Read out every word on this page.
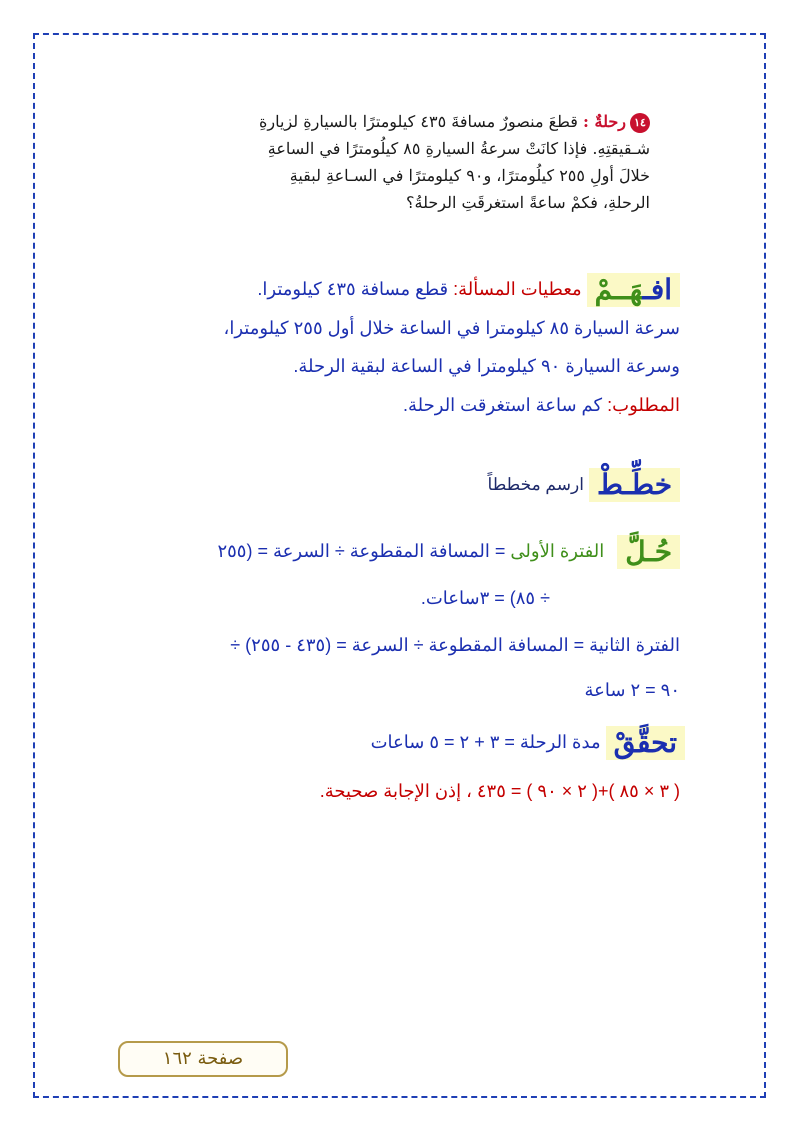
١٤رحلةٌ : قطعَ منصورٌ مسافةَ ٤٣٥ كيلومترًا بالسيارةِ لزيارةِ
شـقيقتِهِ. فإذا كانَتْ سرعةُ السيارةِ ٨٥ كيلُومترًا في الساعةِ
خلالَ أولِ ٢٥٥ كيلُومترًا، و٩٠ كيلومترًا في السـاعةِ لبقيةِ
الرحلةِ، فكمْ ساعةً استغرقَتِ الرحلةُ؟
افـهَــمْ معطيات المسألة: قطع مسافة ٤٣٥ كيلومترا.
سرعة السيارة ٨٥ كيلومترا في الساعة خلال أول ٢٥٥ كيلومترا،
وسرعة السيارة ٩٠ كيلومترا في الساعة لبقية الرحلة.
المطلوب: كم ساعة استغرقت الرحلة.
خطِّـطْ ارسم مخططاً
حُـلَّ الفترة الأولى = المسافة المقطوعة ÷ السرعة = (٢٥٥
÷ ٨٥) = ٣ساعات.
الفترة الثانية = المسافة المقطوعة ÷ السرعة = (٤٣٥ - ٢٥٥) ÷
٩٠ = ٢ ساعة
تحقَّقْ مدة الرحلة = ٣ + ٢ = ٥ ساعات
( ٣ × ٨٥ )+( ٢ × ٩٠ ) = ٤٣٥ ، إذن الإجابة صحيحة.
صفحة ١٦٢
